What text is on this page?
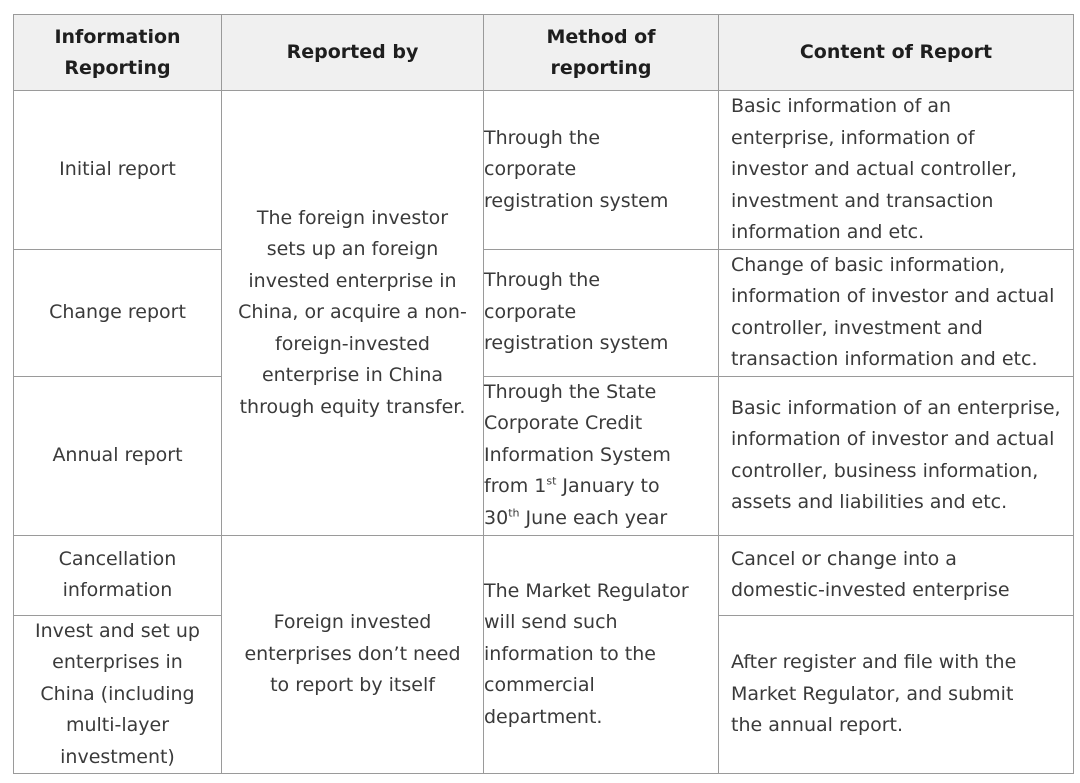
Information Reporting	Reported by	Method of reporting	Content of Report
Initial report	The foreign investor sets up an foreign invested enterprise in China, or acquire a non-foreign-invested enterprise in China through equity transfer.	Through the corporate registration system	Basic information of an enterprise, information of investor and actual controller, investment and transaction information and etc.

Change report		Through the corporate registration system	Change of basic information, information of investor and actual controller, investment and transaction information and etc.

Annual report		Through the State Corporate Credit Information System from 1st January to 30th June each year	Basic information of an enterprise, information of investor and actual controller, business information, assets and liabilities and etc.

Cancellation information	Foreign invested enterprises don’t need to report by itself	The Market Regulator will send such information to the commercial department.	Cancel or change into a domestic-invested enterprise

Invest and set up enterprises in China (including multi-layer investment)			After register and file with the Market Regulator, and submit the annual report.
